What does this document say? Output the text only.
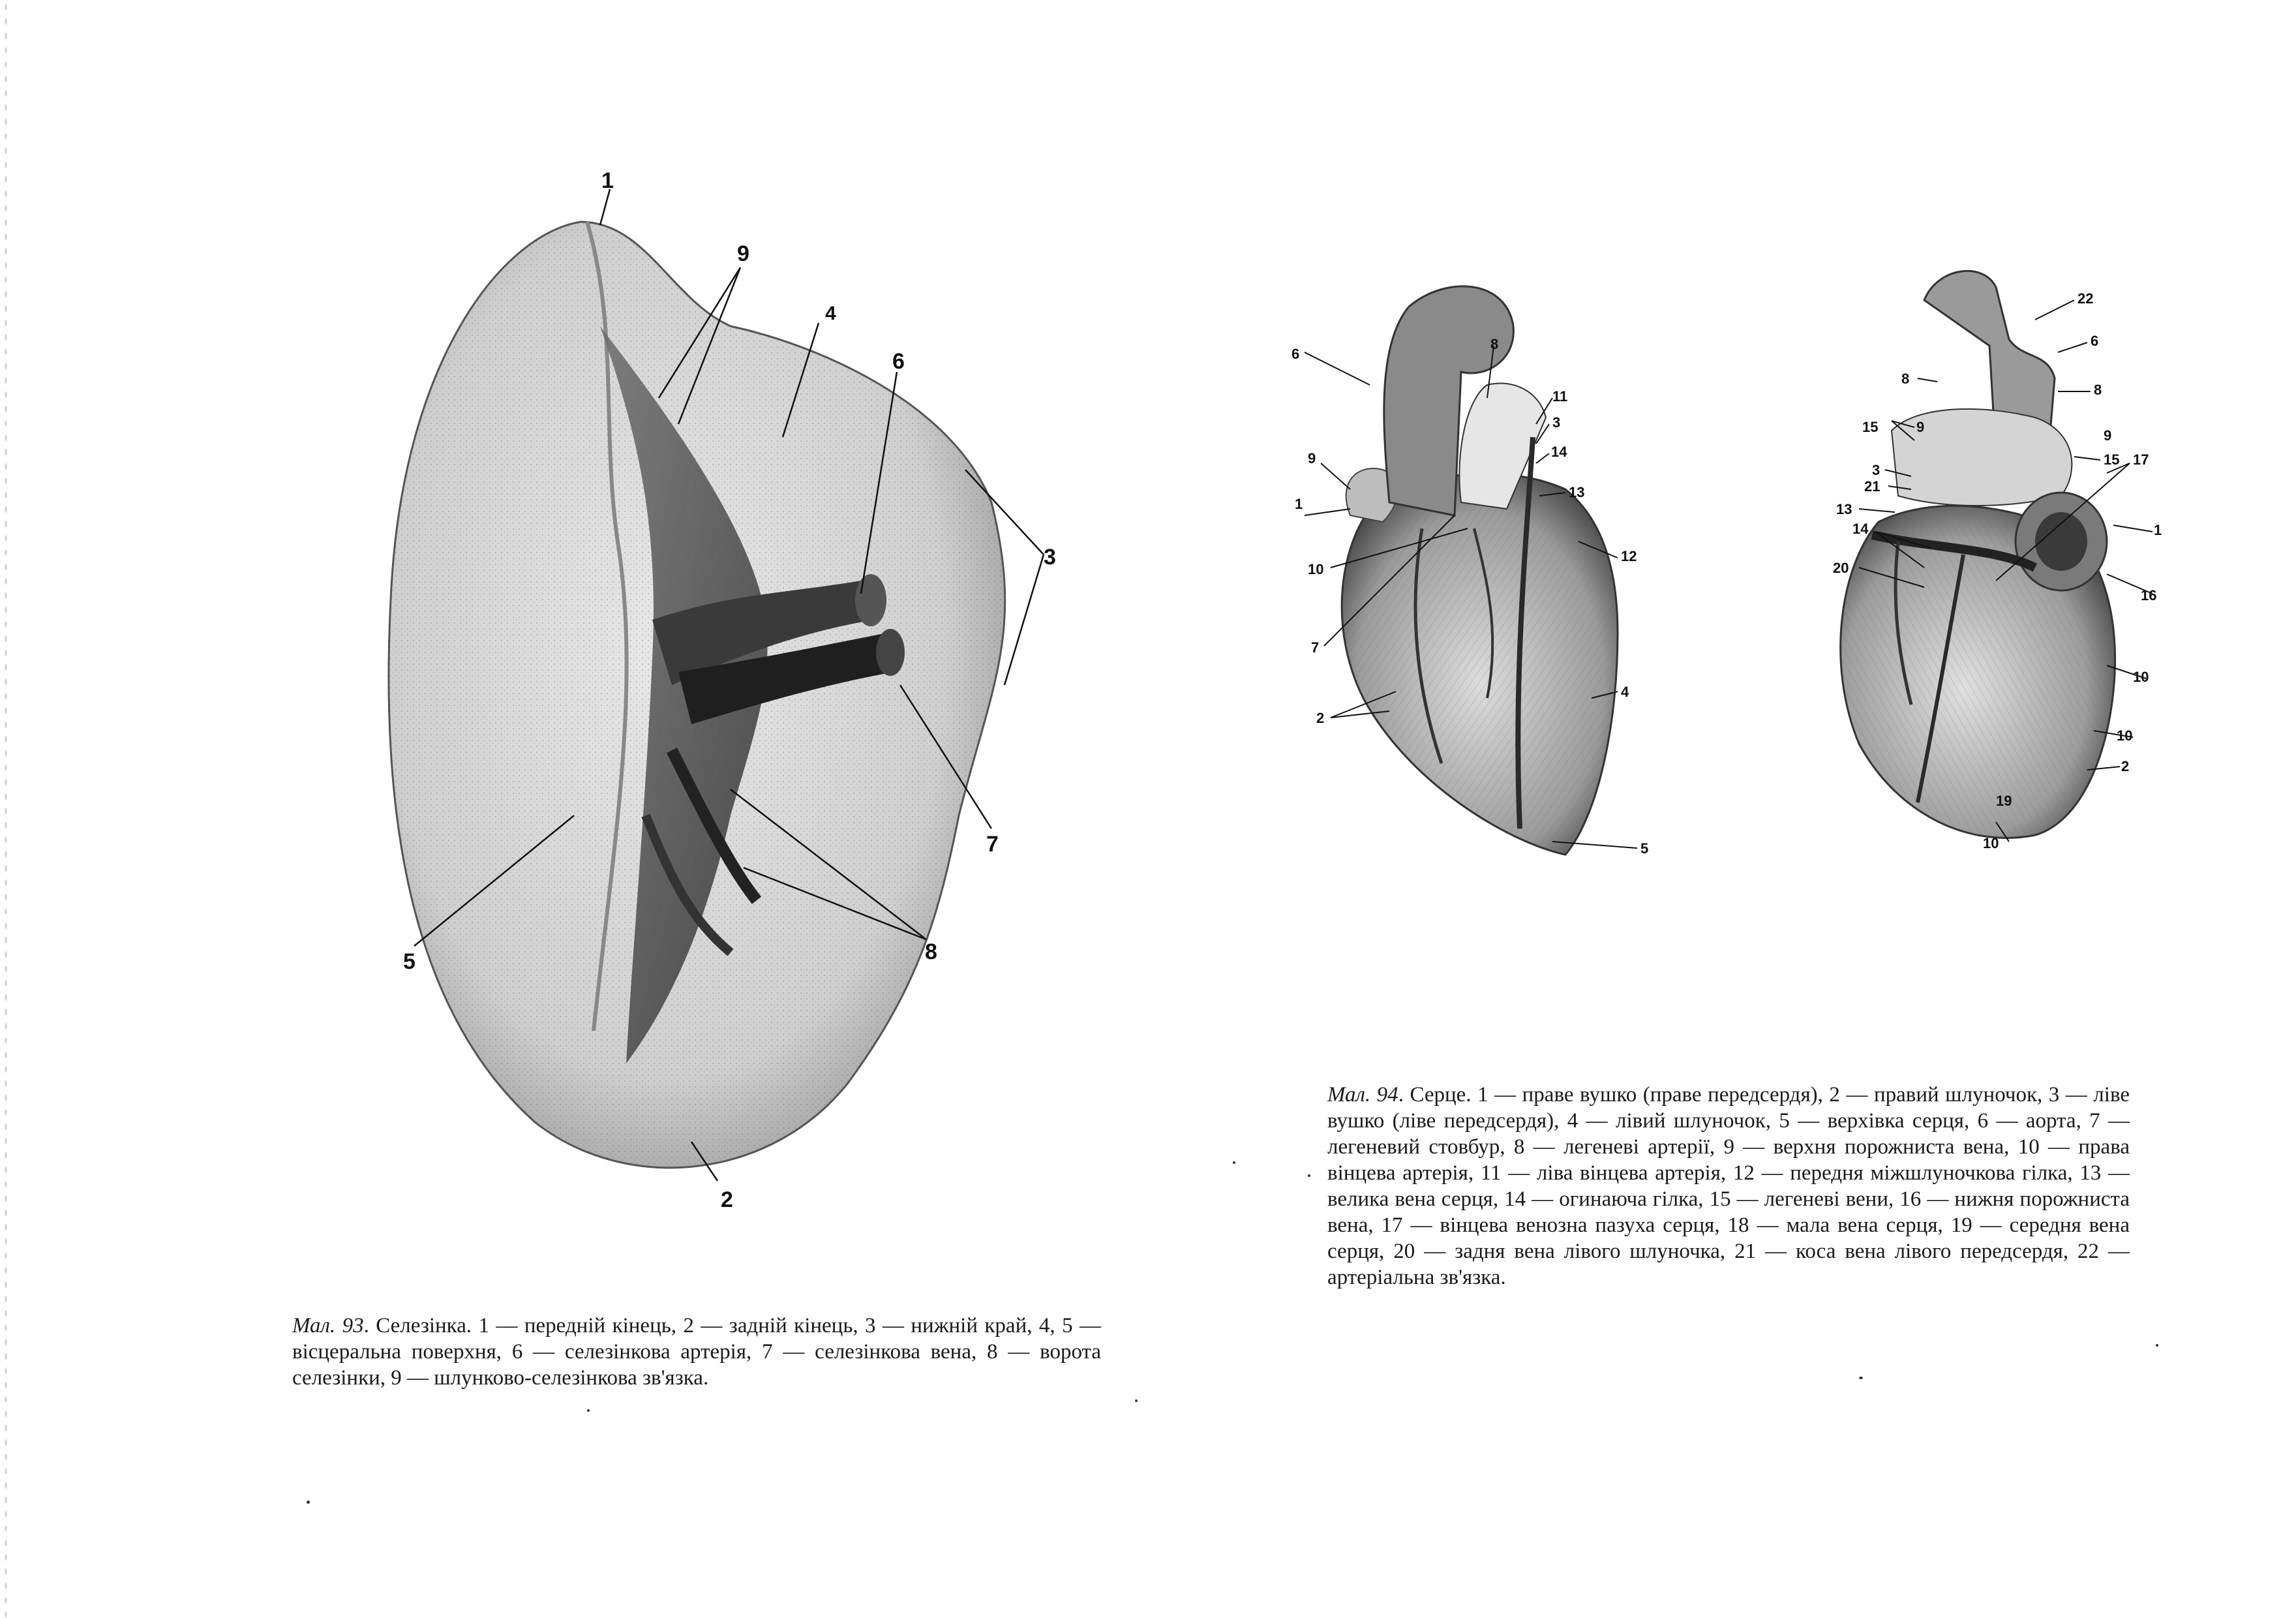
1
9
4
6
3
7
8
5
2
Мал. 93. Селезінка. 1 — передній кінець, 2 — задній кінець, 3 — нижній край, 4, 5 — вісцеральна поверхня, 6 — селезінкова артерія, 7 — селезінкова вена, 8 — ворота селезінки, 9 — шлунково-селезінкова зв'язка.
6
8
11
3
14
13
9
1
10
12
7
4
2
5
22
6
8
8
15	9
9
15 17
3
21
13
14	1
20
16
10
10
2
19
10
Мал. 94. Серце. 1 — праве вушко (праве передсердя), 2 — правий шлуночок, 3 — ліве вушко (ліве передсердя), 4 — лівий шлуночок, 5 — верхівка серця, 6 — аорта, 7 — легеневий стовбур, 8 — легеневі артерії, 9 — верхня порожниста вена, 10 — права вінцева артерія, 11 — ліва вінцева артерія, 12 — передня міжшлуночкова гілка, 13 — велика вена серця, 14 — огинаюча гілка, 15 — легеневі вени, 16 — нижня порожниста вена, 17 — вінцева венозна пазуха серця, 18 — мала вена серця, 19 — середня вена серця, 20 — задня вена лівого шлуночка, 21 — коса вена лівого передсердя, 22 — артеріальна зв'язка.
